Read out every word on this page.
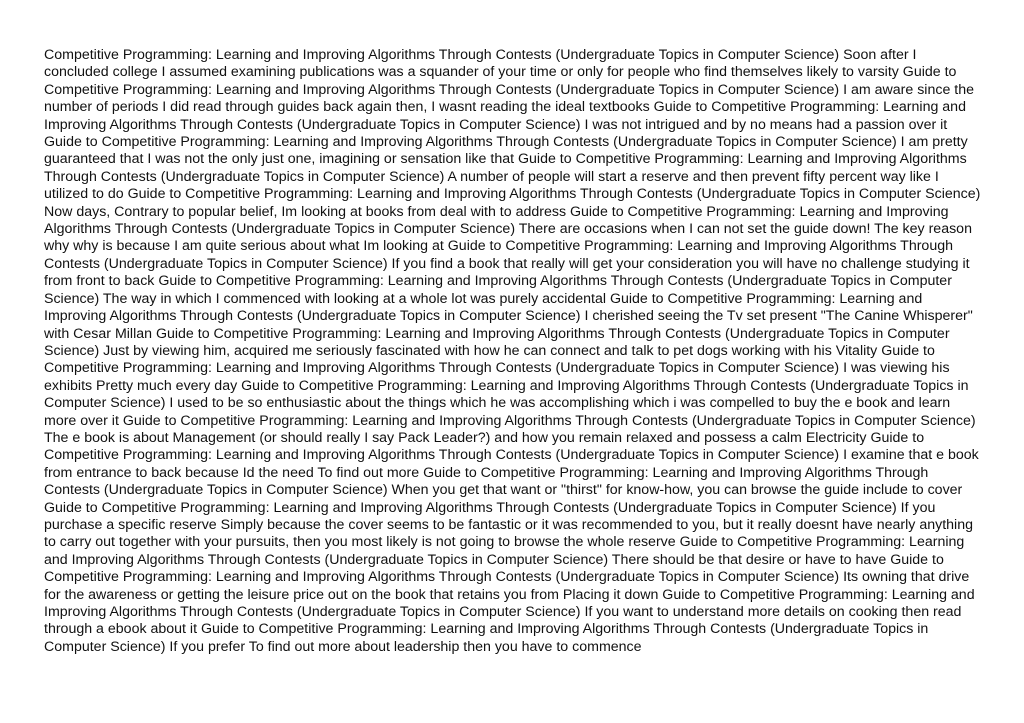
Competitive Programming: Learning and Improving Algorithms Through Contests (Undergraduate Topics in Computer Science) Soon after I concluded college I assumed examining publications was a squander of your time or only for people who find themselves likely to varsity Guide to Competitive Programming: Learning and Improving Algorithms Through Contests (Undergraduate Topics in Computer Science) I am aware since the number of periods I did read through guides back again then, I wasnt reading the ideal textbooks Guide to Competitive Programming: Learning and Improving Algorithms Through Contests (Undergraduate Topics in Computer Science) I was not intrigued and by no means had a passion over it Guide to Competitive Programming: Learning and Improving Algorithms Through Contests (Undergraduate Topics in Computer Science) I am pretty guaranteed that I was not the only just one, imagining or sensation like that Guide to Competitive Programming: Learning and Improving Algorithms Through Contests (Undergraduate Topics in Computer Science) A number of people will start a reserve and then prevent fifty percent way like I utilized to do Guide to Competitive Programming: Learning and Improving Algorithms Through Contests (Undergraduate Topics in Computer Science) Now days, Contrary to popular belief, Im looking at books from deal with to address Guide to Competitive Programming: Learning and Improving Algorithms Through Contests (Undergraduate Topics in Computer Science) There are occasions when I can not set the guide down! The key reason why why is because I am quite serious about what Im looking at Guide to Competitive Programming: Learning and Improving Algorithms Through Contests (Undergraduate Topics in Computer Science) If you find a book that really will get your consideration you will have no challenge studying it from front to back Guide to Competitive Programming: Learning and Improving Algorithms Through Contests (Undergraduate Topics in Computer Science) The way in which I commenced with looking at a whole lot was purely accidental Guide to Competitive Programming: Learning and Improving Algorithms Through Contests (Undergraduate Topics in Computer Science) I cherished seeing the Tv set present "The Canine Whisperer" with Cesar Millan Guide to Competitive Programming: Learning and Improving Algorithms Through Contests (Undergraduate Topics in Computer Science) Just by viewing him, acquired me seriously fascinated with how he can connect and talk to pet dogs working with his Vitality Guide to Competitive Programming: Learning and Improving Algorithms Through Contests (Undergraduate Topics in Computer Science) I was viewing his exhibits Pretty much every day Guide to Competitive Programming: Learning and Improving Algorithms Through Contests (Undergraduate Topics in Computer Science) I used to be so enthusiastic about the things which he was accomplishing which i was compelled to buy the e book and learn more over it Guide to Competitive Programming: Learning and Improving Algorithms Through Contests (Undergraduate Topics in Computer Science) The e book is about Management (or should really I say Pack Leader?) and how you remain relaxed and possess a calm Electricity Guide to Competitive Programming: Learning and Improving Algorithms Through Contests (Undergraduate Topics in Computer Science) I examine that e book from entrance to back because Id the need To find out more Guide to Competitive Programming: Learning and Improving Algorithms Through Contests (Undergraduate Topics in Computer Science) When you get that want or "thirst" for know-how, you can browse the guide include to cover Guide to Competitive Programming: Learning and Improving Algorithms Through Contests (Undergraduate Topics in Computer Science) If you purchase a specific reserve Simply because the cover seems to be fantastic or it was recommended to you, but it really doesnt have nearly anything to carry out together with your pursuits, then you most likely is not going to browse the whole reserve Guide to Competitive Programming: Learning and Improving Algorithms Through Contests (Undergraduate Topics in Computer Science) There should be that desire or have to have Guide to Competitive Programming: Learning and Improving Algorithms Through Contests (Undergraduate Topics in Computer Science) Its owning that drive for the awareness or getting the leisure price out on the book that retains you from Placing it down Guide to Competitive Programming: Learning and Improving Algorithms Through Contests (Undergraduate Topics in Computer Science) If you want to understand more details on cooking then read through a ebook about it Guide to Competitive Programming: Learning and Improving Algorithms Through Contests (Undergraduate Topics in Computer Science) If you prefer To find out more about leadership then you have to commence
